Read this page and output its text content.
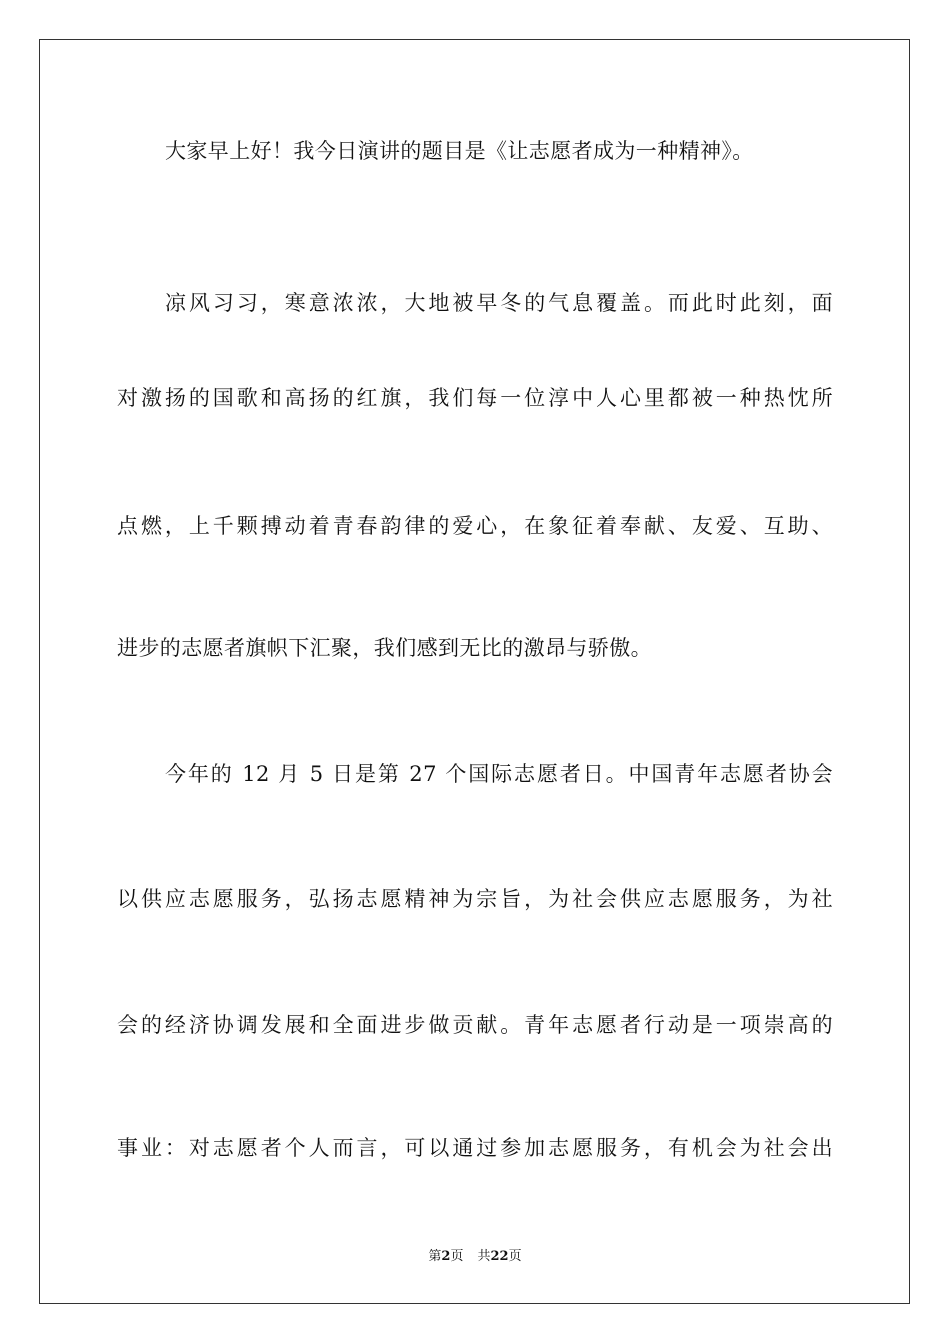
大家早上好！我今日演讲的题目是《让志愿者成为一种精神》。
凉风习习，寒意浓浓，大地被早冬的气息覆盖。而此时此刻，面
对激扬的国歌和高扬的红旗，我们每一位淳中人心里都被一种热忱所
点燃，上千颗搏动着青春韵律的爱心，在象征着奉献、友爱、互助、
进步的志愿者旗帜下汇聚，我们感到无比的激昂与骄傲。
今年的 12 月 5 日是第 27 个国际志愿者日。中国青年志愿者协会
以供应志愿服务，弘扬志愿精神为宗旨，为社会供应志愿服务，为社
会的经济协调发展和全面进步做贡献。青年志愿者行动是一项崇高的
事业：对志愿者个人而言，可以通过参加志愿服务，有机会为社会出
第2页 共22页
